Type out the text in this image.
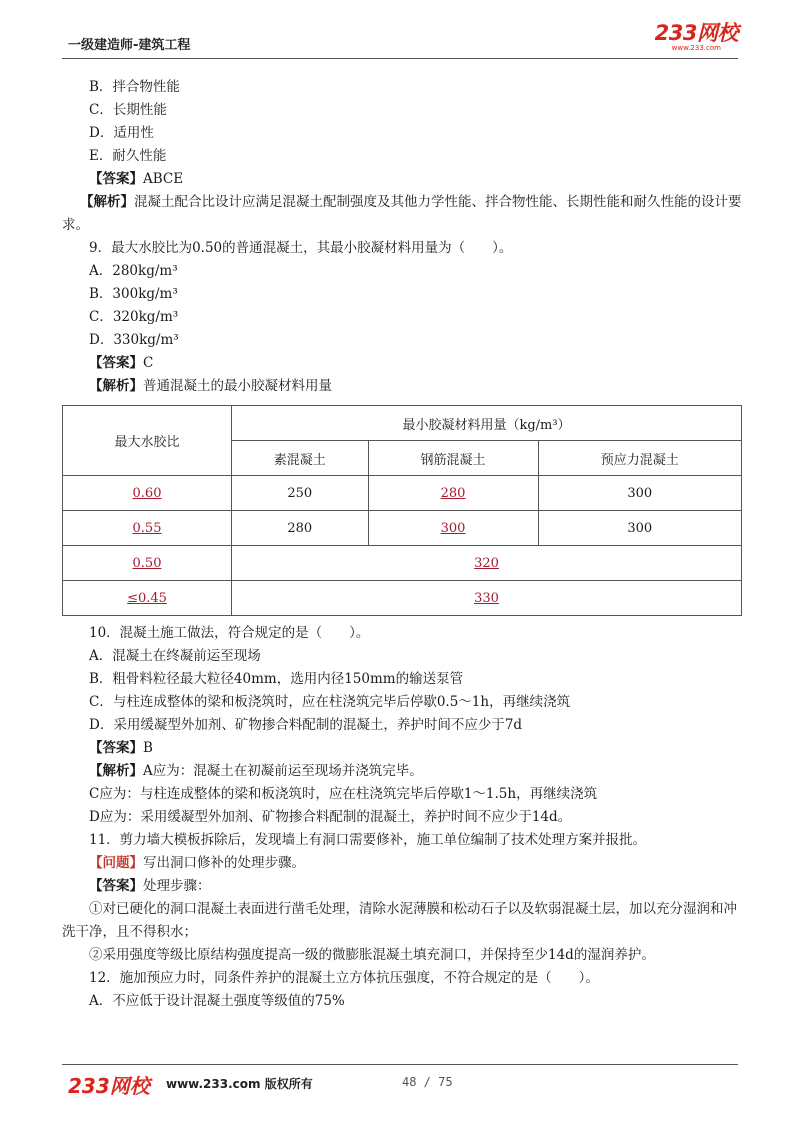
一级建造师-建筑工程
233网校
www.233.com
B．拌合物性能
C．长期性能
D．适用性
E．耐久性能
【答案】ABCE
【解析】混凝土配合比设计应满足混凝土配制强度及其他力学性能、拌合物性能、长期性能和耐久性能的设计要求。
9．最大水胶比为0.50的普通混凝土，其最小胶凝材料用量为（　　）。
A．280kg/m³
B．300kg/m³
C．320kg/m³
D．330kg/m³
【答案】C
【解析】普通混凝土的最小胶凝材料用量
最大水胶比	最小胶凝材料用量（kg/m³）		
	素混凝土	钢筋混凝土	预应力混凝土
0.60	250	280	300
0.55	280	300	300
0.50	320		
≤0.45	330		
10．混凝土施工做法，符合规定的是（　　）。
A．混凝土在终凝前运至现场
B．粗骨料粒径最大粒径40mm，选用内径150mm的输送泵管
C．与柱连成整体的梁和板浇筑时，应在柱浇筑完毕后停歇0.5～1h，再继续浇筑
D．采用缓凝型外加剂、矿物掺合料配制的混凝土，养护时间不应少于7d
【答案】B
【解析】A应为：混凝土在初凝前运至现场并浇筑完毕。
C应为：与柱连成整体的梁和板浇筑时，应在柱浇筑完毕后停歇1～1.5h，再继续浇筑
D应为：采用缓凝型外加剂、矿物掺合料配制的混凝土，养护时间不应少于14d。
11．剪力墙大模板拆除后，发现墙上有洞口需要修补，施工单位编制了技术处理方案并报批。
【问题】写出洞口修补的处理步骤。
【答案】处理步骤：
①对已硬化的洞口混凝土表面进行凿毛处理，清除水泥薄膜和松动石子以及软弱混凝土层，加以充分湿润和冲洗干净，且不得积水；
②采用强度等级比原结构强度提高一级的微膨胀混凝土填充洞口，并保持至少14d的湿润养护。
12．施加预应力时，同条件养护的混凝土立方体抗压强度，不符合规定的是（　　）。
A．不应低于设计混凝土强度等级值的75%
233网校 www.233.com 版权所有	48 / 75
